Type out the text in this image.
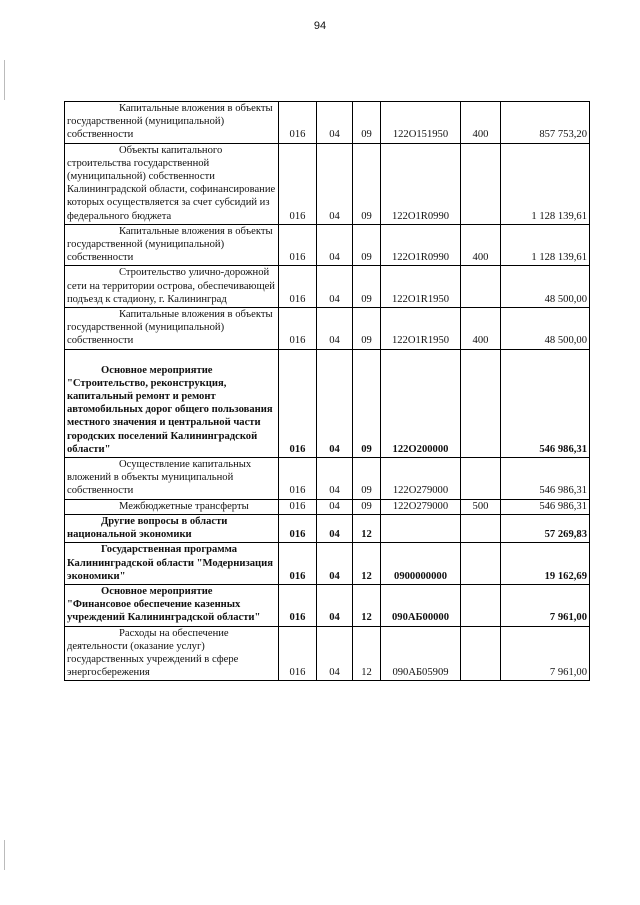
94
Капитальные вложения в объекты государственной (муниципальной) собственности	016	04	09	122О151950	400	857 753,20

Объекты капитального строительства государственной (муниципальной) собственности Калининградской области, софинансирование которых осуществляется за счет субсидий из федерального бюджета	016	04	09	122О1R0990		1 128 139,61

Капитальные вложения в объекты государственной (муниципальной) собственности	016	04	09	122О1R0990	400	1 128 139,61

Строительство улично-дорожной сети на территории острова, обеспечивающей подъезд к стадиону, г. Калининград	016	04	09	122О1R1950		48 500,00

Капитальные вложения в объекты государственной (муниципальной) собственности	016	04	09	122О1R1950	400	48 500,00

Основное мероприятие "Строительство, реконструкция, капитальный ремонт и ремонт автомобильных дорог общего пользования местного значения и центральной части городских поселений Калининградской области"	016	04	09	122О200000		546 986,31

Осуществление капитальных вложений в объекты муниципальной собственности	016	04	09	122О279000		546 986,31

Межбюджетные трансферты	016	04	09	122О279000	500	546 986,31

Другие вопросы в области национальной экономики	016	04	12			57 269,83

Государственная программа Калининградской области "Модернизация экономики"	016	04	12	0900000000		19 162,69

Основное мероприятие "Финансовое обеспечение казенных учреждений Калининградской области"	016	04	12	090АБ00000		7 961,00

Расходы на обеспечение деятельности (оказание услуг) государственных учреждений в сфере энергосбережения	016	04	12	090АБ05909		7 961,00
